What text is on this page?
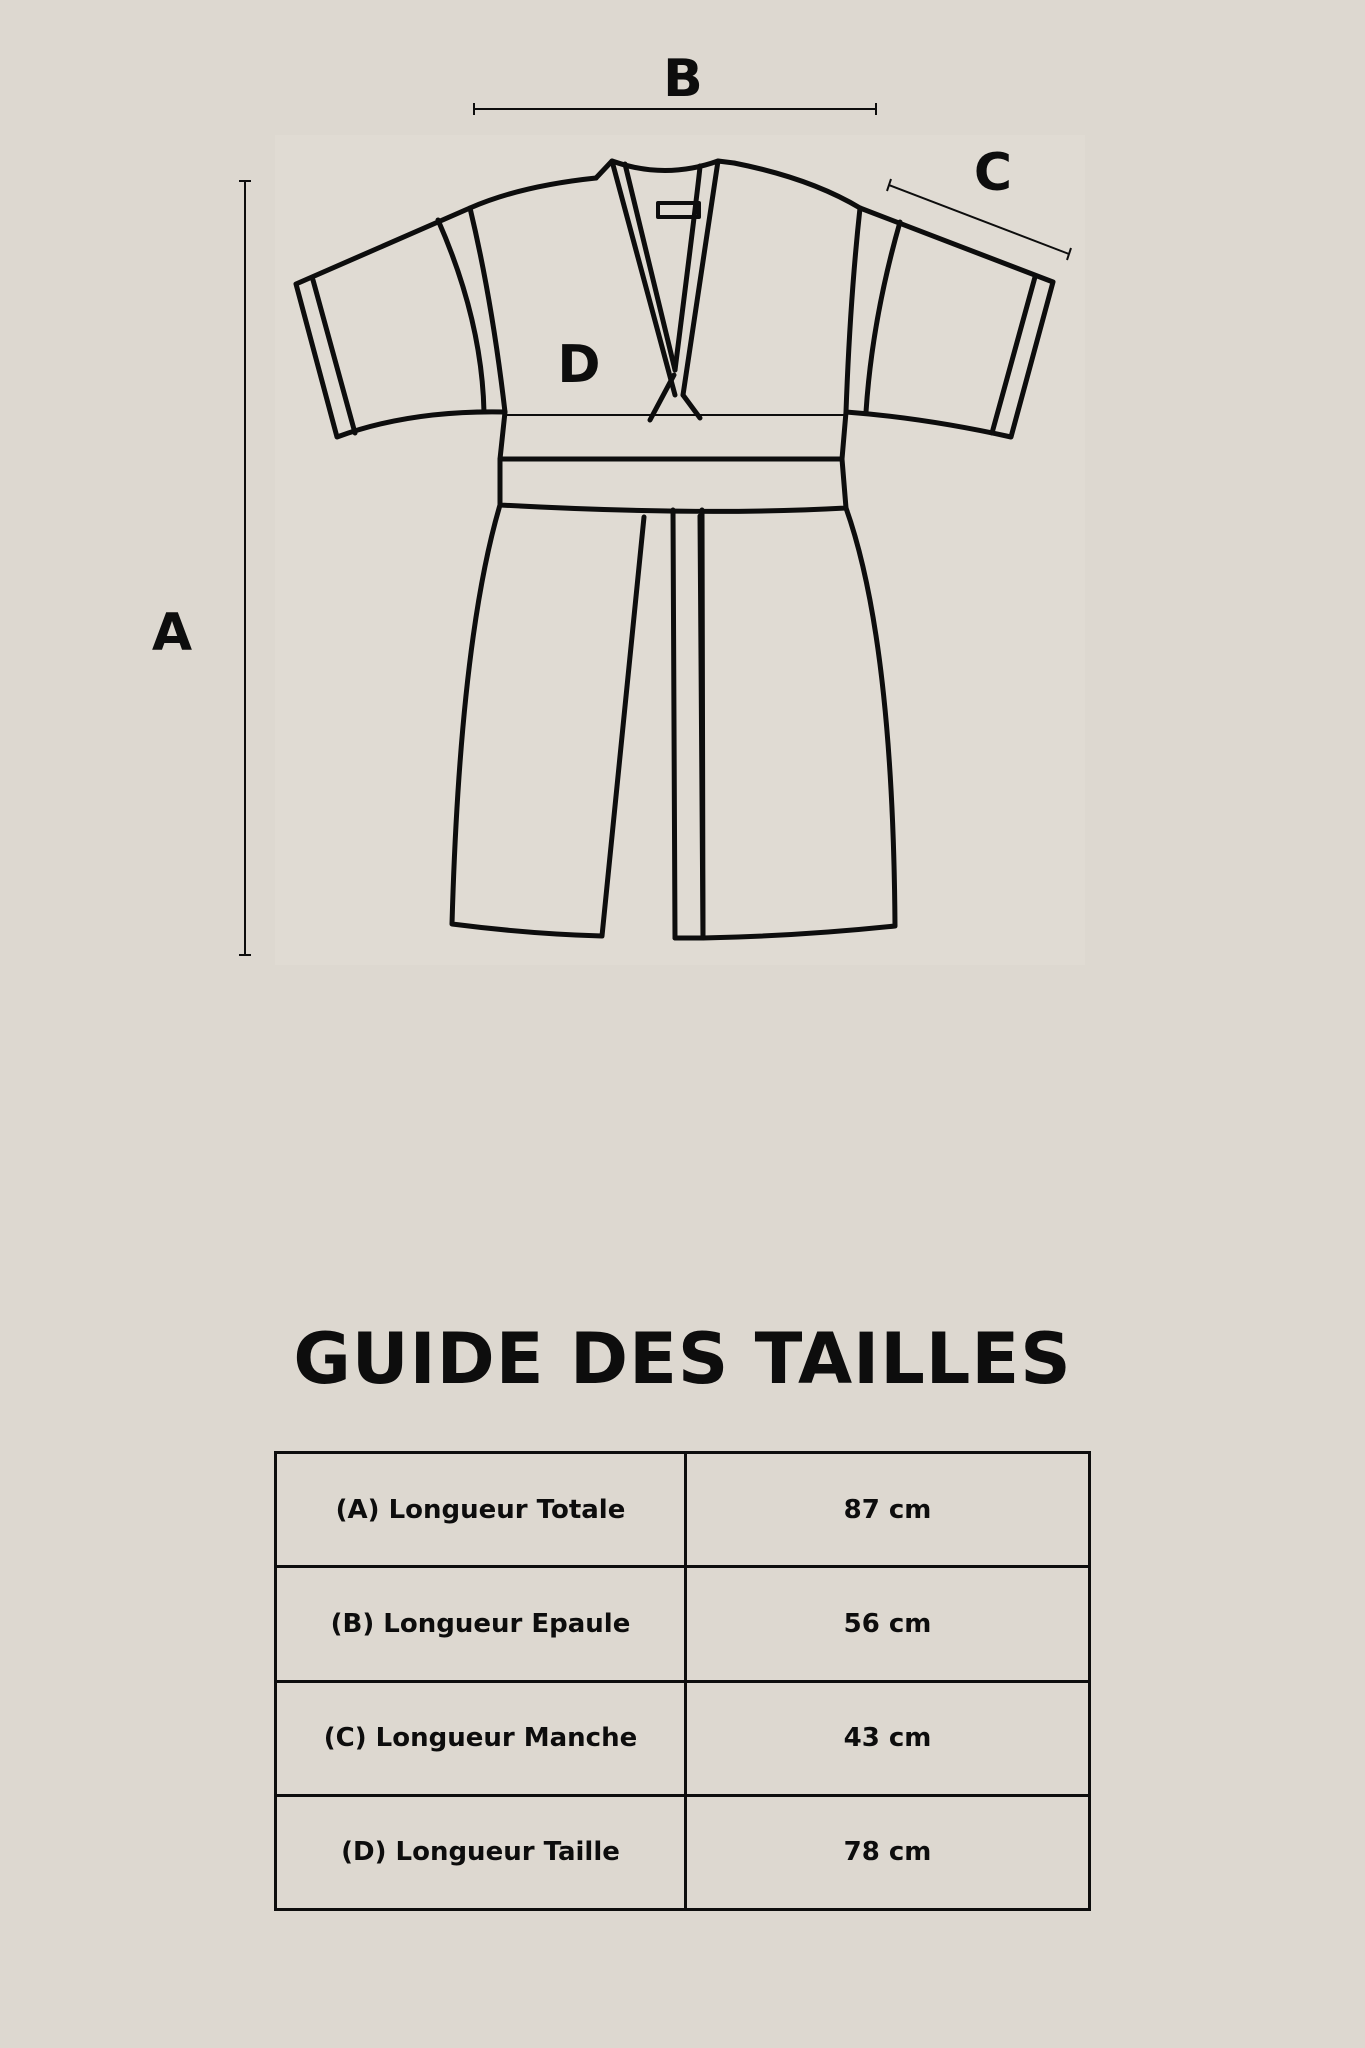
A
B
C
D
GUIDE DES TAILLES
(A) Longueur Totale	87 cm
(B) Longueur Epaule	56 cm
(C) Longueur Manche	43 cm
(D) Longueur Taille	78 cm
